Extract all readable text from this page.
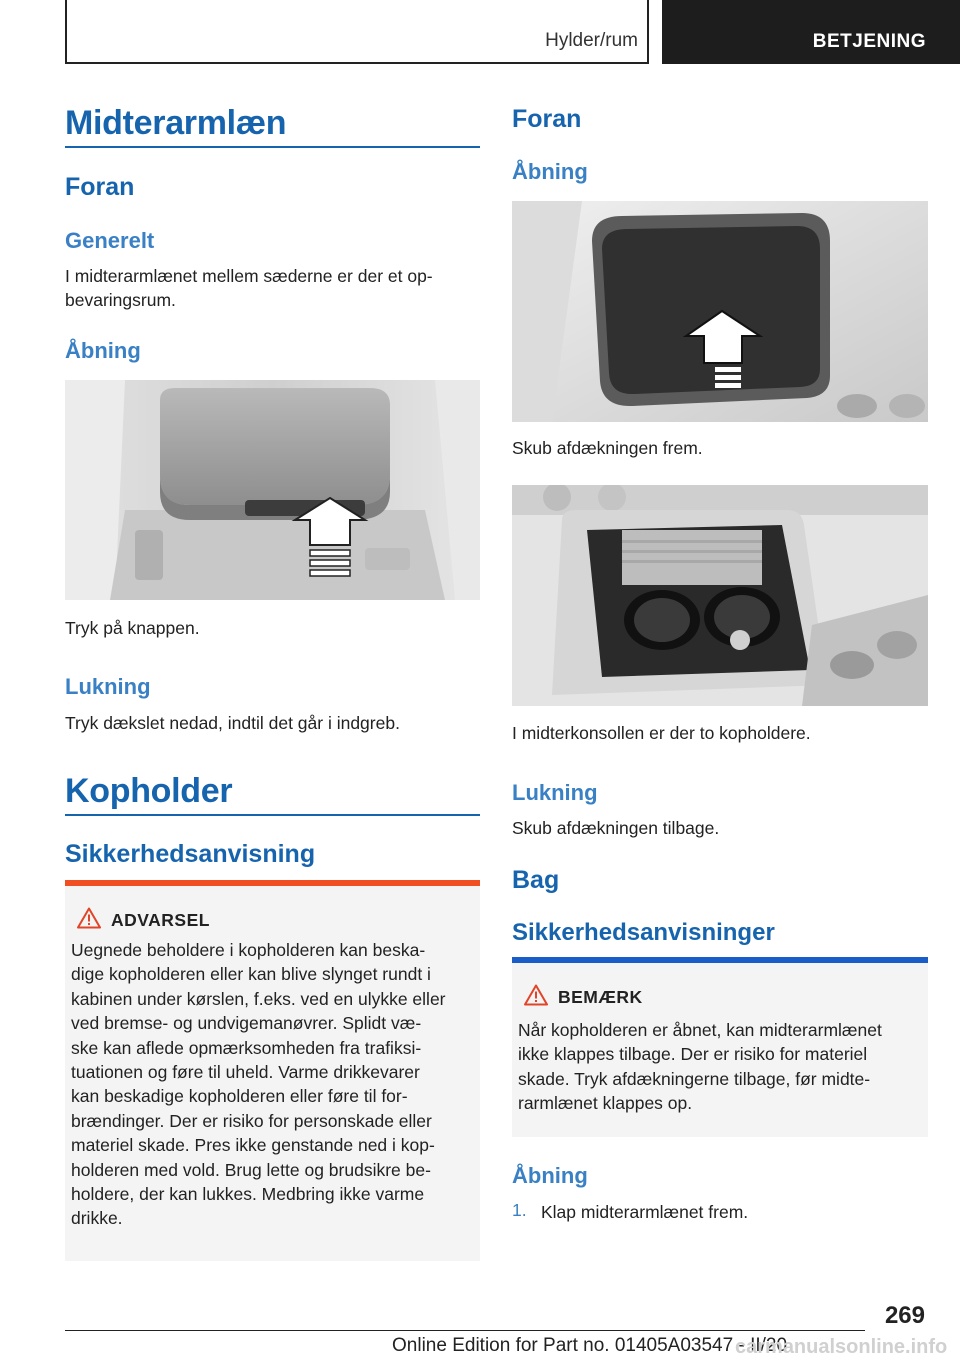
Hylder/rum	BETJENING
Midterarmlæn
Foran
Generelt
I midterarmlænet mellem sæderne er der et op-
bevaringsrum.
Åbning
Tryk på knappen.
Lukning
Tryk dækslet nedad, indtil det går i indgreb.
Kopholder
Sikkerhedsanvisning
ADVARSEL
Uegnede beholdere i kopholderen kan beska-
dige kopholderen eller kan blive slynget rundt i
kabinen under kørslen, f.eks. ved en ulykke eller
ved bremse- og undvigemanøvrer. Splidt væ-
ske kan aflede opmærksomheden fra trafiksi-
tuationen og føre til uheld. Varme drikkevarer
kan beskadige kopholderen eller føre til for-
brændinger. Der er risiko for personskade eller
materiel skade. Pres ikke genstande ned i kop-
holderen med vold. Brug lette og brudsikre be-
holdere, der kan lukkes. Medbring ikke varme
drikke.
Foran
Åbning
Skub afdækningen frem.
I midterkonsollen er der to kopholdere.
Lukning
Skub afdækningen tilbage.
Bag
Sikkerhedsanvisninger
BEMÆRK
Når kopholderen er åbnet, kan midterarmlænet
ikke klappes tilbage. Der er risiko for materiel
skade. Tryk afdækningerne tilbage, før midte-
rarmlænet klappes op.
Åbning
1. Klap midterarmlænet frem.
269
Online Edition for Part no. 01405A03547 - II/20
carmanualsonline.info
